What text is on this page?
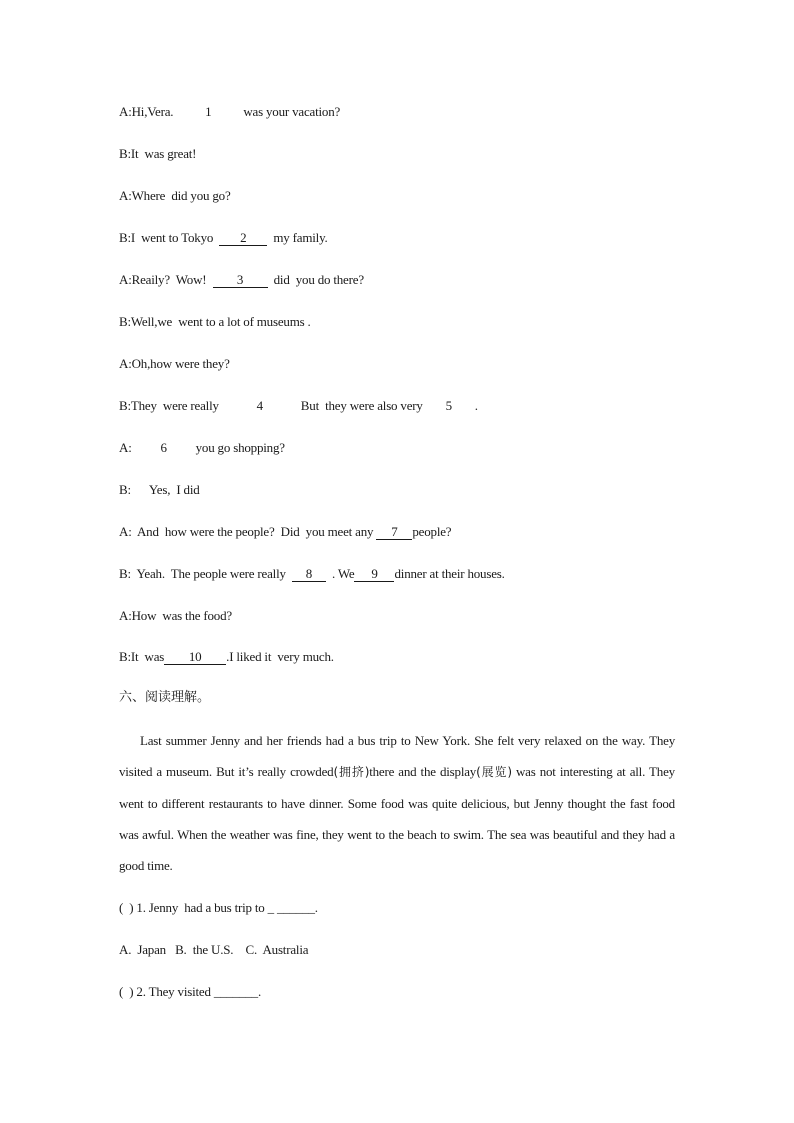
A:Hi,Vera. 1 was your vacation?
B:It  was great!
A:Where  did you go?
B:I  went to Tokyo  2  my family.
A:Reaily?  Wow!  3  did  you do there?
B:Well,we  went to a lot of museums .
A:Oh,how were they?
B:They  were really	4	But  they were also very 5 .
A: 6 you go shopping?
B: Yes,  I did
A:  And  how were the people?  Did  you meet any 7 people?
B:  Yeah.  The people were really  8  . We 9 dinner at their houses.
A:How  was the food?
B:It  was 10 .I liked it  very much.
六、阅读理解。
Last summer Jenny and her friends had a bus trip to New York. She felt very relaxed on the way. They visited a museum. But it’s really crowded(拥挤)there and the display(展览) was not interesting at all. They went to different restaurants to have dinner. Some food was quite delicious, but Jenny thought the fast food was awful. When the weather was fine, they went to the beach to swim. The sea was beautiful and they had a good time.
(  ) 1. Jenny  had a bus trip to _ ______.
A.  Japan   B.  the U.S.    C.  Australia
(  ) 2. They visited _______.
